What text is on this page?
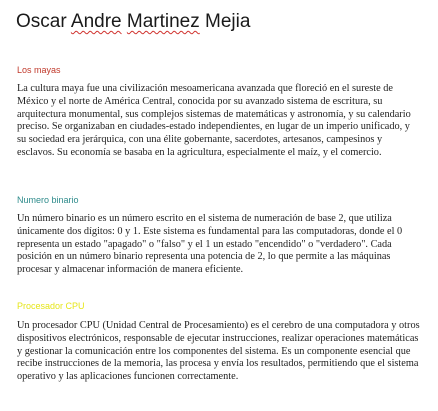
Oscar Andre Martinez Mejia
Los mayas

La cultura maya fue una civilización mesoamericana avanzada que floreció en el sureste de México y el norte de América Central, conocida por su avanzado sistema de escritura, su arquitectura monumental, sus complejos sistemas de matemáticas y astronomía, y su calendario preciso. Se organizaban en ciudades-estado independientes, en lugar de un imperio unificado, y su sociedad era jerárquica, con una élite gobernante, sacerdotes, artesanos, campesinos y esclavos. Su economía se basaba en la agricultura, especialmente el maíz, y el comercio.

Numero binario

Un número binario es un número escrito en el sistema de numeración de base 2, que utiliza únicamente dos dígitos: 0 y 1. Este sistema es fundamental para las computadoras, donde el 0 representa un estado "apagado" o "falso" y el 1 un estado "encendido" o "verdadero". Cada posición en un número binario representa una potencia de 2, lo que permite a las máquinas procesar y almacenar información de manera eficiente.

Procesador CPU

Un procesador CPU (Unidad Central de Procesamiento) es el cerebro de una computadora y otros dispositivos electrónicos, responsable de ejecutar instrucciones, realizar operaciones matemáticas y gestionar la comunicación entre los componentes del sistema. Es un componente esencial que recibe instrucciones de la memoria, las procesa y envía los resultados, permitiendo que el sistema operativo y las aplicaciones funcionen correctamente.
